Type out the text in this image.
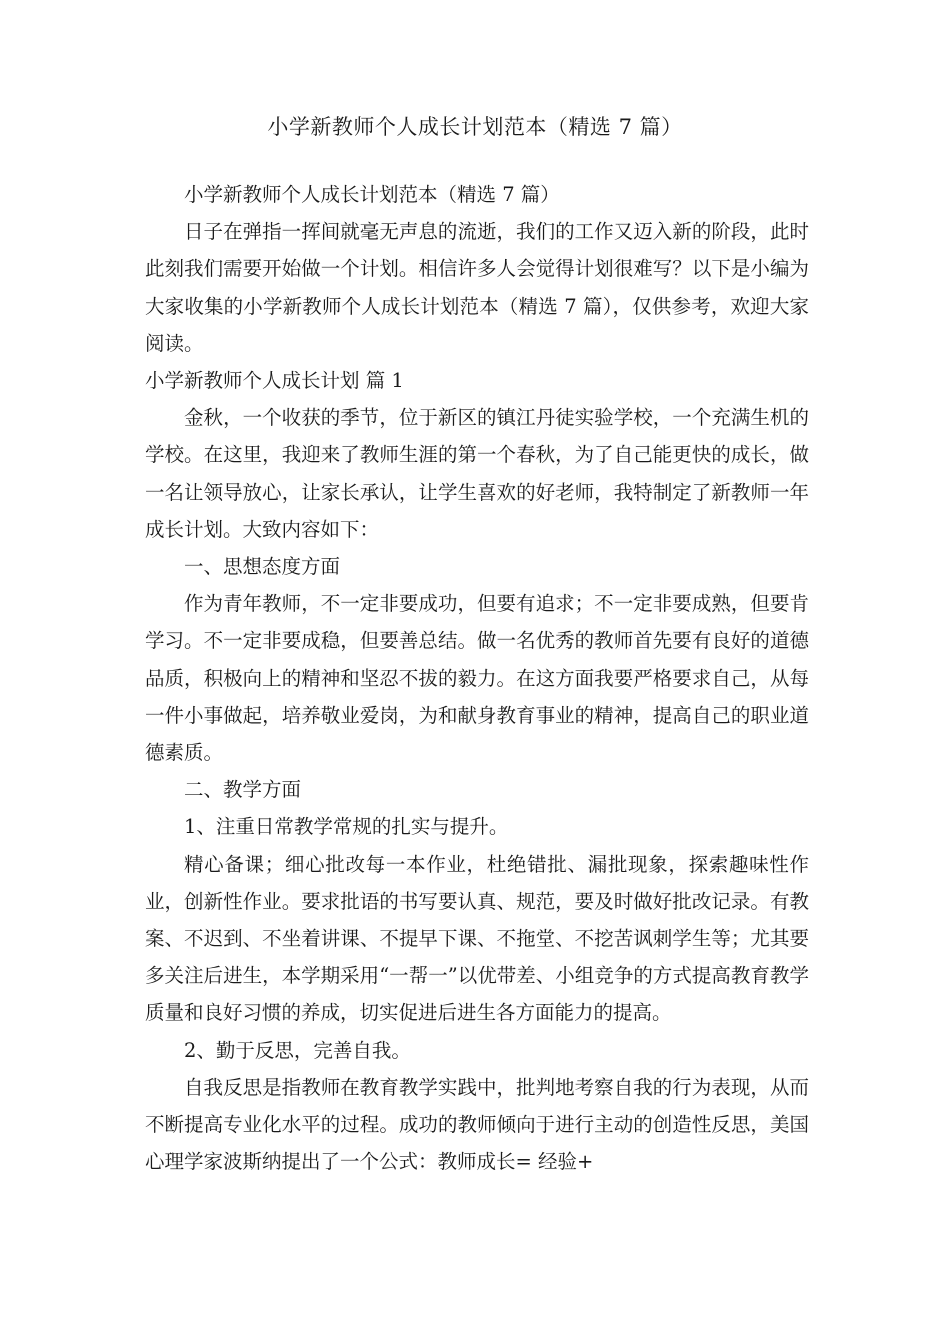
小学新教师个人成长计划范本（精选 7 篇）

小学新教师个人成长计划范本（精选 7 篇）

日子在弹指一挥间就毫无声息的流逝，我们的工作又迈入新的阶段，此时此刻我们需要开始做一个计划。相信许多人会觉得计划很难写？以下是小编为大家收集的小学新教师个人成长计划范本（精选 7 篇），仅供参考，欢迎大家阅读。

小学新教师个人成长计划 篇 1

金秋，一个收获的季节，位于新区的镇江丹徒实验学校，一个充满生机的学校。在这里，我迎来了教师生涯的第一个春秋，为了自己能更快的成长，做一名让领导放心，让家长承认，让学生喜欢的好老师，我特制定了新教师一年成长计划。大致内容如下：

一、思想态度方面

作为青年教师，不一定非要成功，但要有追求；不一定非要成熟，但要肯学习。不一定非要成稳，但要善总结。做一名优秀的教师首先要有良好的道德品质，积极向上的精神和坚忍不拔的毅力。在这方面我要严格要求自己，从每一件小事做起，培养敬业爱岗，为和献身教育事业的精神，提高自己的职业道德素质。

二、教学方面

1、注重日常教学常规的扎实与提升。

精心备课；细心批改每一本作业，杜绝错批、漏批现象，探索趣味性作业，创新性作业。要求批语的书写要认真、规范，要及时做好批改记录。有教案、不迟到、不坐着讲课、不提早下课、不拖堂、不挖苦讽刺学生等；尤其要多关注后进生，本学期采用“一帮一”以优带差、小组竞争的方式提高教育教学质量和良好习惯的养成，切实促进后进生各方面能力的提高。

2、勤于反思，完善自我。

自我反思是指教师在教育教学实践中，批判地考察自我的行为表现，从而不断提高专业化水平的过程。成功的教师倾向于进行主动的创造性反思，美国心理学家波斯纳提出了一个公式：教师成长= 经验+
